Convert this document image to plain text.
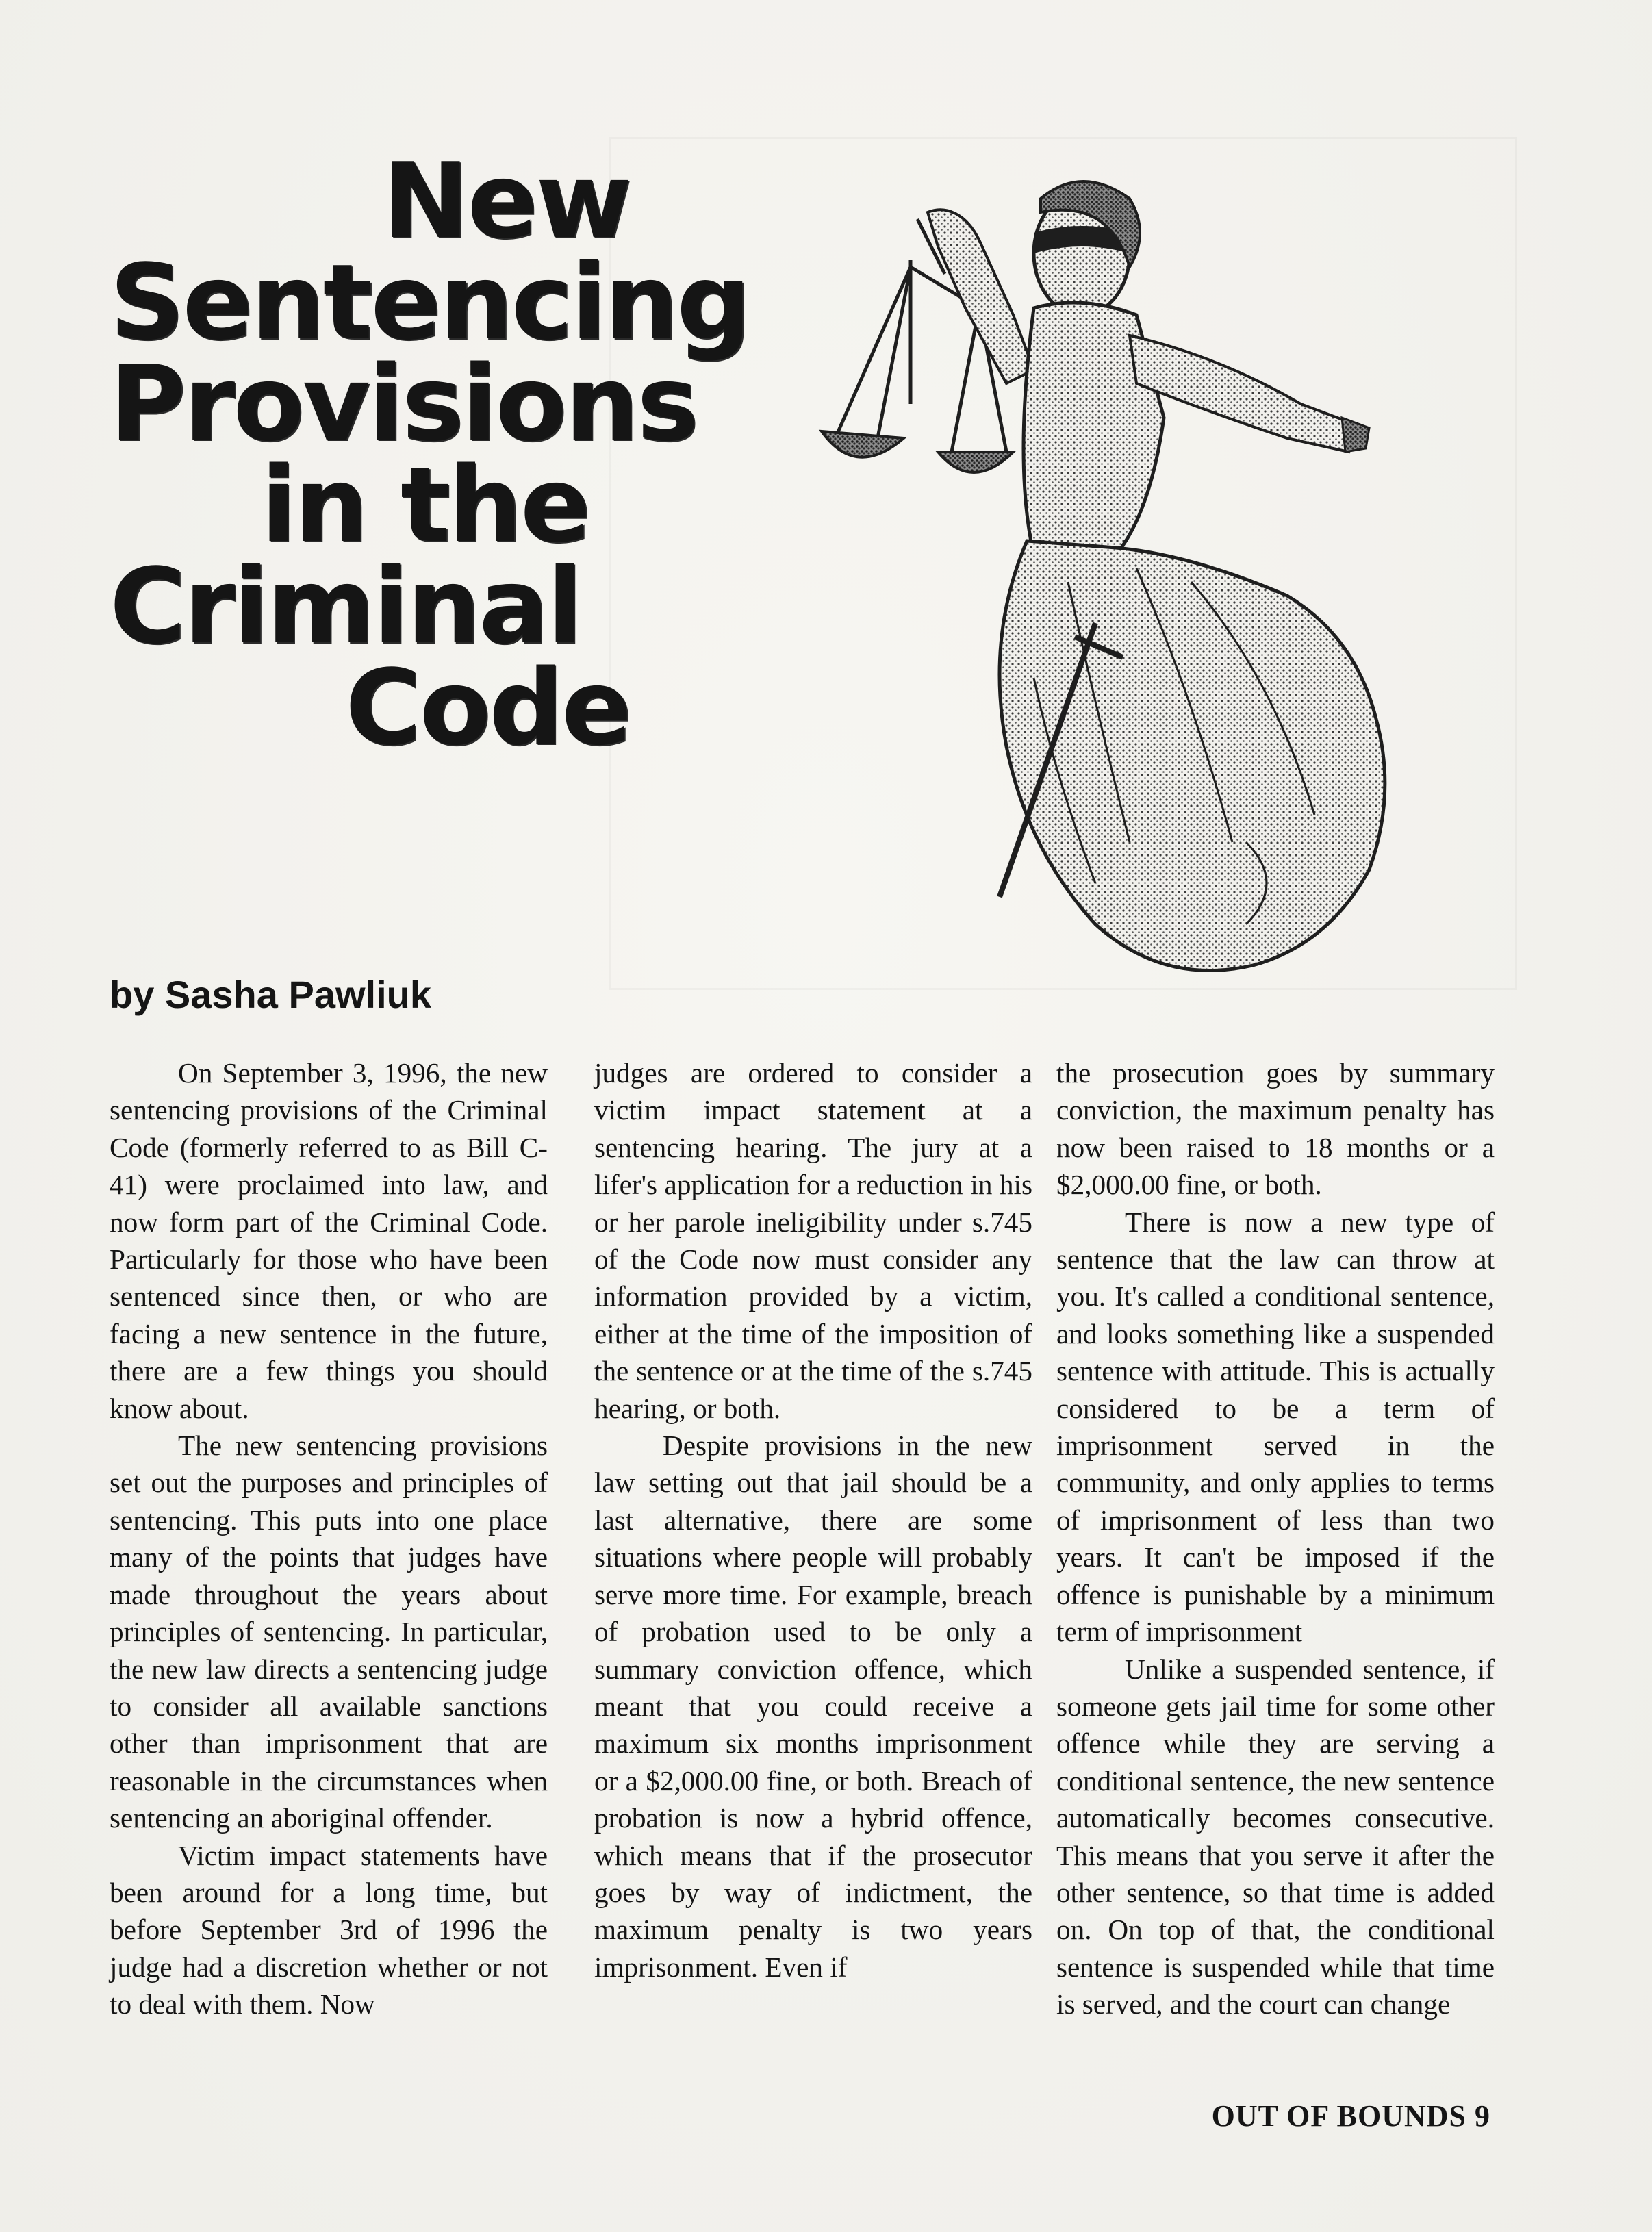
New
Sentencing
Provisions
in the
Criminal
Code

by Sasha Pawliuk

On September 3, 1996, the new sentencing provisions of the Criminal Code (formerly referred to as Bill C-41) were proclaimed into law, and now form part of the Criminal Code. Particularly for those who have been sentenced since then, or who are facing a new sentence in the future, there are a few things you should know about.

The new sentencing provisions set out the purposes and principles of sentencing. This puts into one place many of the points that judges have made throughout the years about principles of sentencing. In particular, the new law directs a sentencing judge to consider all available sanctions other than imprisonment that are reasonable in the circumstances when sentencing an aboriginal offender.

Victim impact statements have been around for a long time, but before September 3rd of 1996 the judge had a discretion whether or not to deal with them. Now

judges are ordered to consider a victim impact statement at a sentencing hearing. The jury at a lifer's application for a reduction in his or her parole ineligibility under s.745 of the Code now must consider any information provided by a victim, either at the time of the imposition of the sentence or at the time of the s.745 hearing, or both.

Despite provisions in the new law setting out that jail should be a last alternative, there are some situations where people will probably serve more time. For example, breach of probation used to be only a summary conviction offence, which meant that you could receive a maximum six months imprisonment or a $2,000.00 fine, or both. Breach of probation is now a hybrid offence, which means that if the prosecutor goes by way of indictment, the maximum penalty is two years imprisonment. Even if

the prosecution goes by summary conviction, the maximum penalty has now been raised to 18 months or a $2,000.00 fine, or both.

There is now a new type of sentence that the law can throw at you. It's called a conditional sentence, and looks something like a suspended sentence with attitude. This is actually considered to be a term of imprisonment served in the community, and only applies to terms of imprisonment of less than two years. It can't be imposed if the offence is punishable by a minimum term of imprisonment

Unlike a suspended sentence, if someone gets jail time for some other offence while they are serving a conditional sentence, the new sentence automatically becomes consecutive. This means that you serve it after the other sentence, so that time is added on. On top of that, the conditional sentence is suspended while that time is served, and the court can change

OUT OF BOUNDS 9
